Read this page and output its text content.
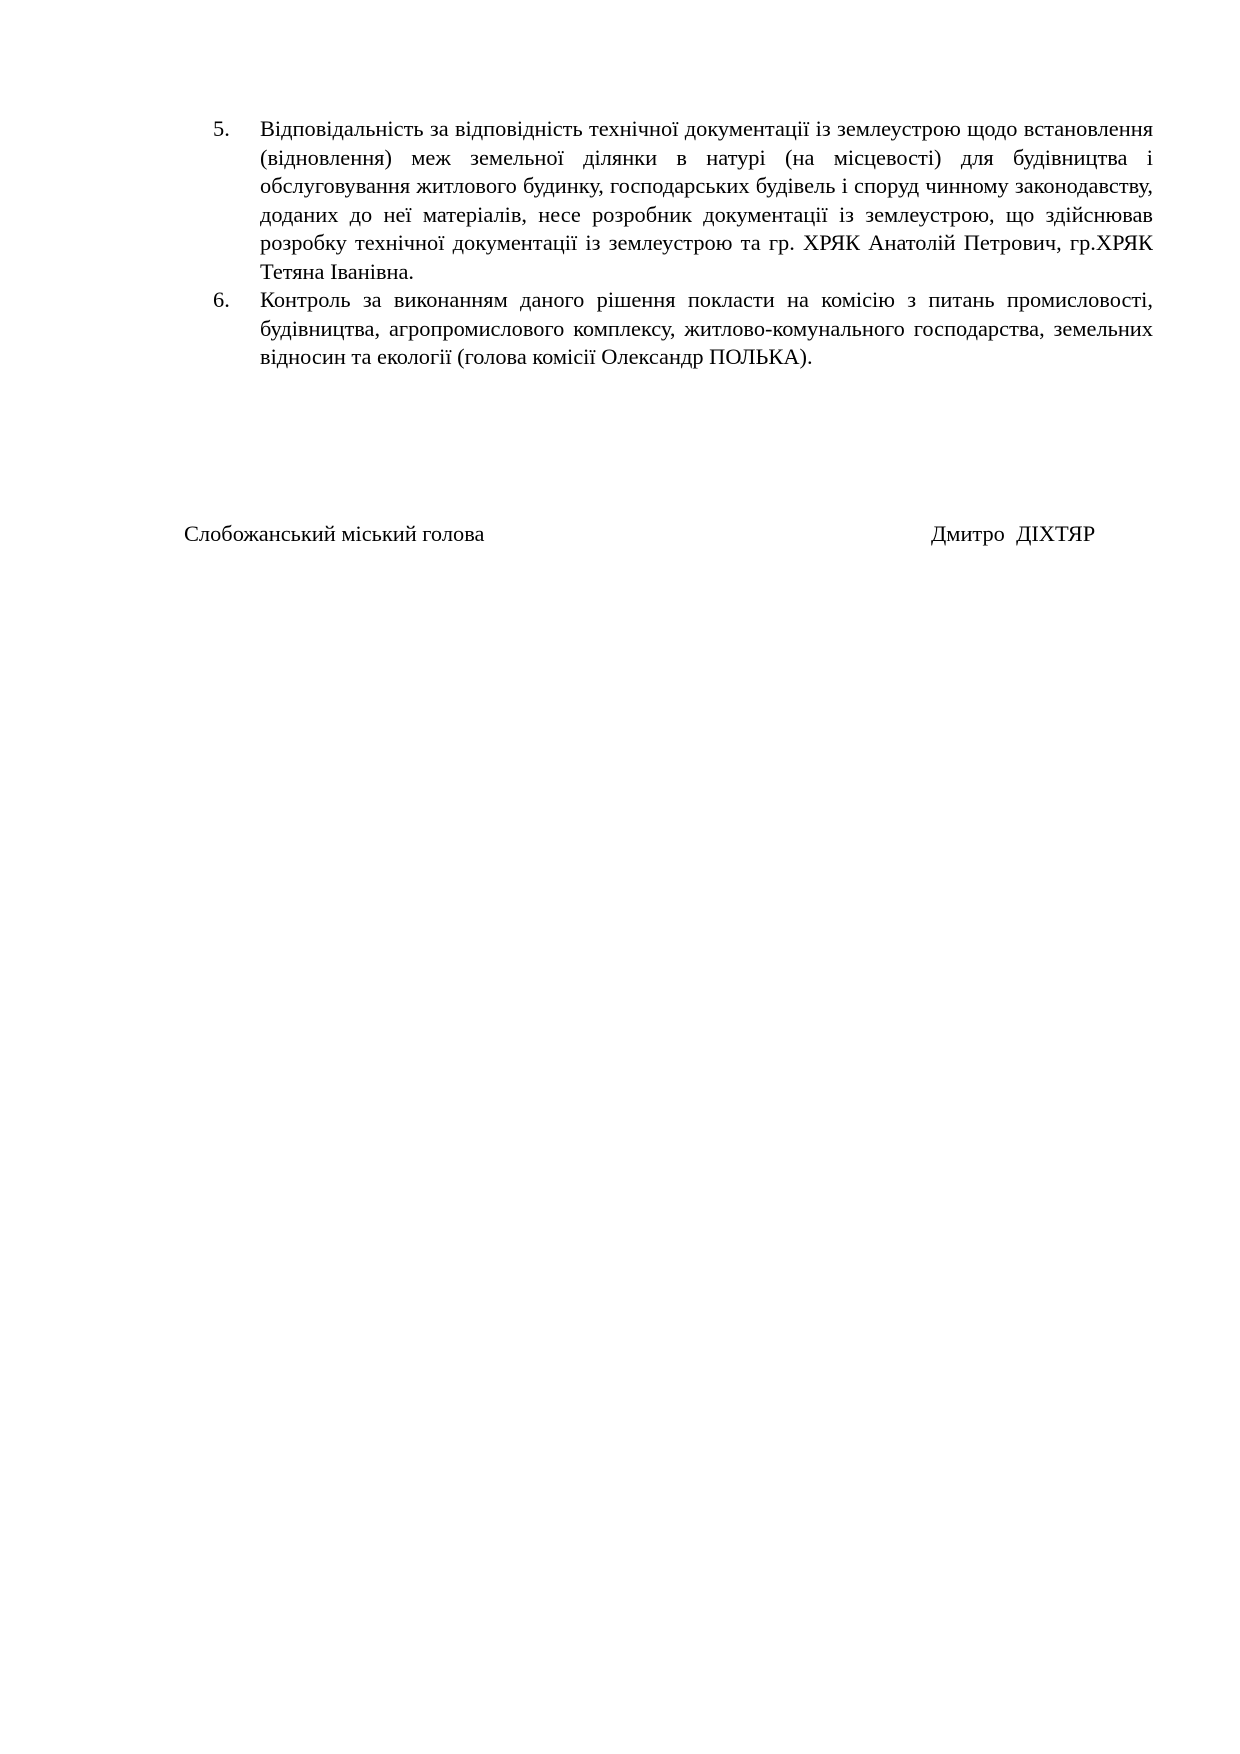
5.	Відповідальність за відповідність технічної документації із землеустрою щодо встановлення (відновлення) меж земельної ділянки в натурі (на місцевості) для будівництва і обслуговування житлового будинку, господарських будівель і споруд чинному законодавству, доданих до неї матеріалів, несе розробник документації із землеустрою, що здійснював розробку технічної документації із землеустрою та гр. ХРЯК Анатолій Петрович, гр.ХРЯК Тетяна Іванівна.
6.	Контроль за виконанням даного рішення покласти на комісію з питань промисловості, будівництва, агропромислового комплексу, житлово-комунального господарства, земельних відносин та екології (голова комісії Олександр ПОЛЬКА).
Слобожанський міський голова	Дмитро  ДІХТЯР
